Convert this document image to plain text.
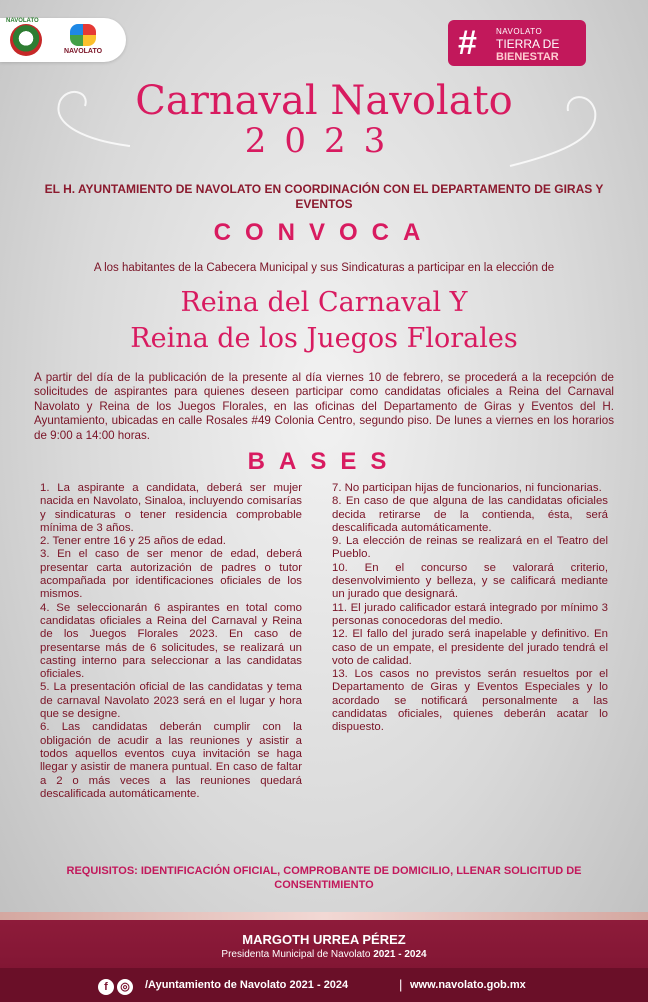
NAVOLATO
NAVOLATO	# NAVOLATO
TIERRA DE
BIENESTAR
Carnaval Navolato
2023
EL H. AYUNTAMIENTO DE NAVOLATO EN COORDINACIÓN CON EL DEPARTAMENTO DE GIRAS Y EVENTOS
CONVOCA
A los habitantes de la Cabecera Municipal y sus Sindicaturas a participar en la elección de
Reina del Carnaval Y
Reina de los Juegos Florales
A partir del día de la publicación de la presente al día viernes 10 de febrero, se procederá a la recepción de solicitudes de aspirantes para quienes deseen participar como candidatas oficiales a Reina del Carnaval Navolato y Reina de los Juegos Florales, en las oficinas del Departamento de Giras y Eventos del H. Ayuntamiento, ubicadas en calle Rosales #49 Colonia Centro, segundo piso. De lunes a viernes en los horarios de 9:00 a 14:00 horas.
BASES
1. La aspirante a candidata, deberá ser mujer nacida en Navolato, Sinaloa, incluyendo comisarías y sindicaturas o tener residencia comprobable mínima de 3 años.
2. Tener entre 16 y 25 años de edad.
3. En el caso de ser menor de edad, deberá presentar carta autorización de padres o tutor acompañada por identificaciones oficiales de los mismos.
4. Se seleccionarán 6 aspirantes en total como candidatas oficiales a Reina del Carnaval y Reina de los Juegos Florales 2023. En caso de presentarse más de 6 solicitudes, se realizará un casting interno para seleccionar a las candidatas oficiales.
5. La presentación oficial de las candidatas y tema de carnaval Navolato 2023 será en el lugar y hora que se designe.
6. Las candidatas deberán cumplir con la obligación de acudir a las reuniones y asistir a todos aquellos eventos cuya invitación se haga llegar y asistir de manera puntual. En caso de faltar a 2 o más veces a las reuniones quedará descalificada automáticamente.
7. No participan hijas de funcionarios, ni funcionarias.
8. En caso de que alguna de las candidatas oficiales decida retirarse de la contienda, ésta, será descalificada automáticamente.
9. La elección de reinas se realizará en el Teatro del Pueblo.
10. En el concurso se valorará criterio, desenvolvimiento y belleza, y se calificará mediante un jurado que designará.
11. El jurado calificador estará integrado por mínimo 3 personas conocedoras del medio.
12. El fallo del jurado será inapelable y definitivo. En caso de un empate, el presidente del jurado tendrá el voto de calidad.
13. Los casos no previstos serán resueltos por el Departamento de Giras y Eventos Especiales y lo acordado se notificará personalmente a las candidatas oficiales, quienes deberán acatar lo dispuesto.
REQUISITOS: IDENTIFICACIÓN OFICIAL, COMPROBANTE DE DOMICILIO, LLENAR SOLICITUD DE CONSENTIMIENTO
MARGOTH URREA PÉREZ
Presidenta Municipal de Navolato 2021 - 2024
f ◎	/Ayuntamiento de Navolato 2021 - 2024	| www.navolato.gob.mx
